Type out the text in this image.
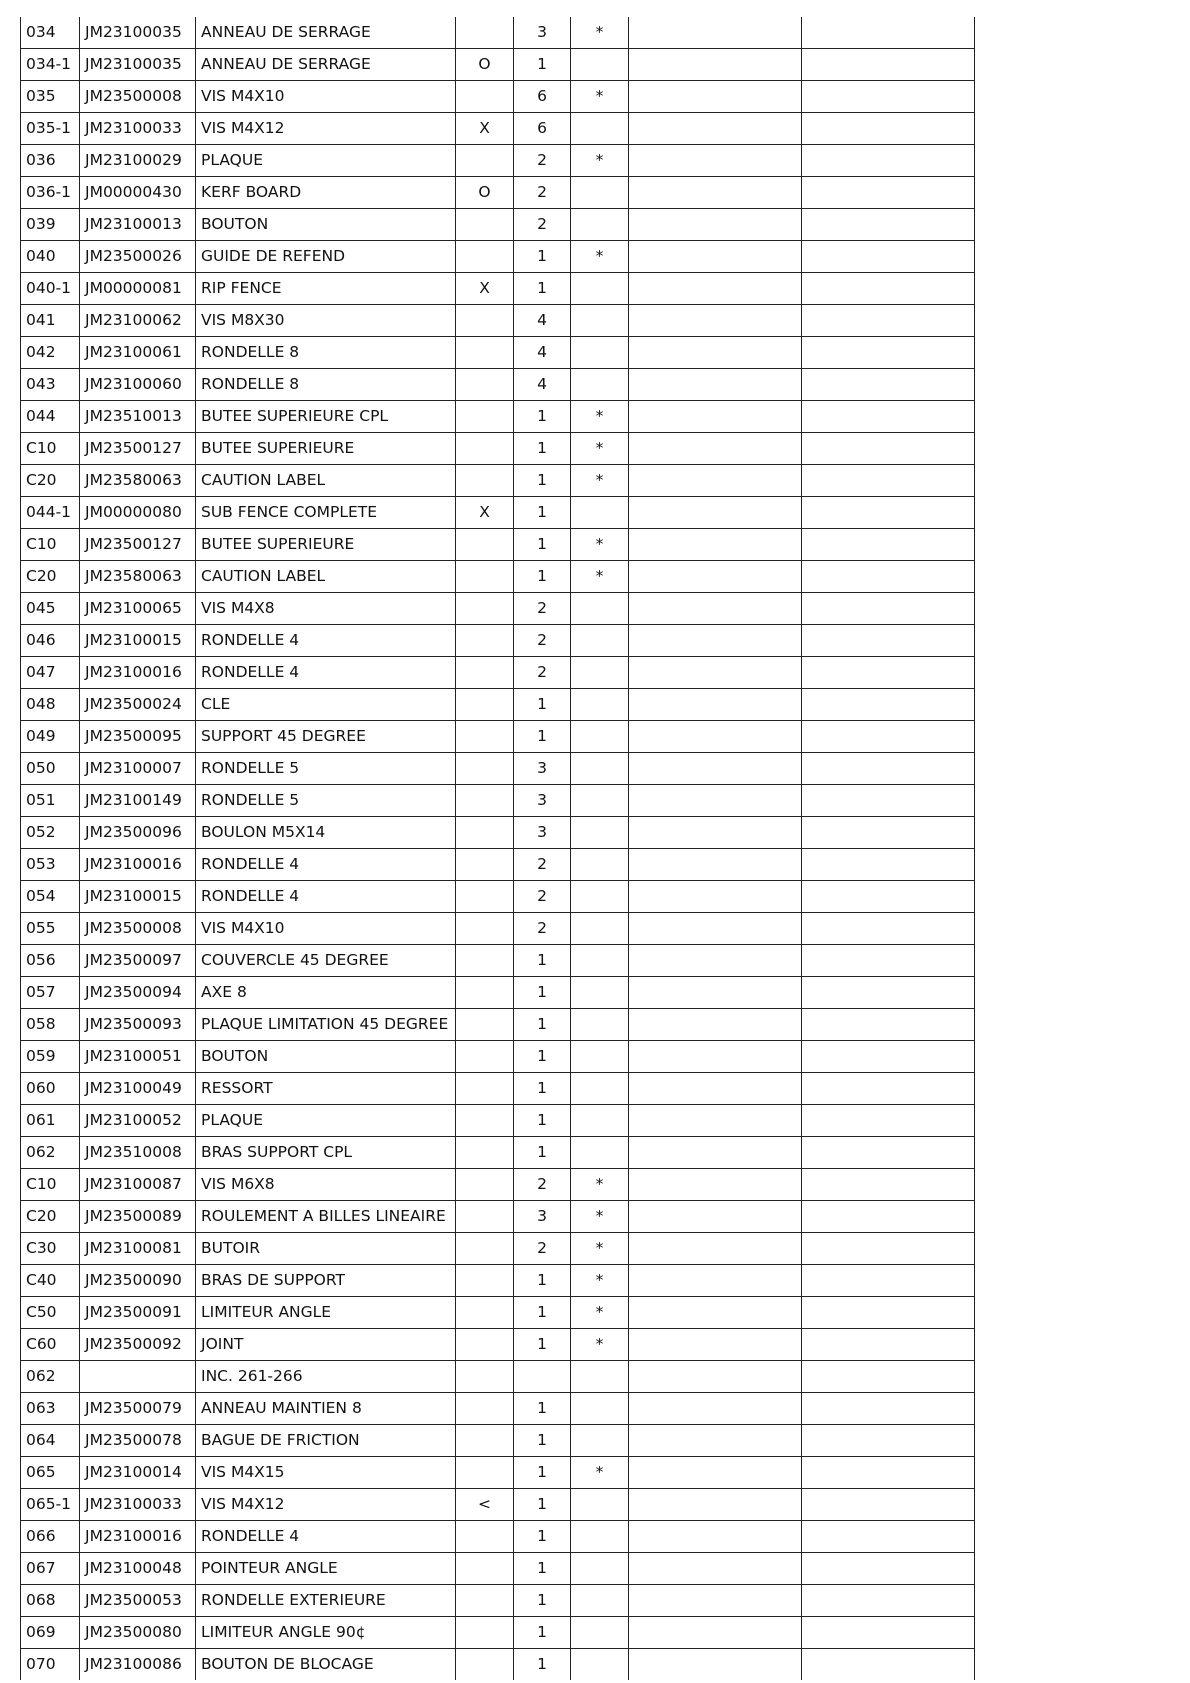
034	JM23100035	ANNEAU DE SERRAGE		3	*		
034-1	JM23100035	ANNEAU DE SERRAGE	O	1			
035	JM23500008	VIS M4X10		6	*		
035-1	JM23100033	VIS M4X12	X	6			
036	JM23100029	PLAQUE		2	*		
036-1	JM00000430	KERF BOARD	O	2			
039	JM23100013	BOUTON		2			
040	JM23500026	GUIDE DE REFEND		1	*		
040-1	JM00000081	RIP FENCE	X	1			
041	JM23100062	VIS M8X30		4			
042	JM23100061	RONDELLE 8		4			
043	JM23100060	RONDELLE 8		4			
044	JM23510013	BUTEE SUPERIEURE CPL		1	*		
C10	JM23500127	BUTEE SUPERIEURE		1	*		
C20	JM23580063	CAUTION LABEL		1	*		
044-1	JM00000080	SUB FENCE COMPLETE	X	1			
C10	JM23500127	BUTEE SUPERIEURE		1	*		
C20	JM23580063	CAUTION LABEL		1	*		
045	JM23100065	VIS M4X8		2			
046	JM23100015	RONDELLE 4		2			
047	JM23100016	RONDELLE 4		2			
048	JM23500024	CLE		1			
049	JM23500095	SUPPORT 45 DEGREE		1			
050	JM23100007	RONDELLE 5		3			
051	JM23100149	RONDELLE 5		3			
052	JM23500096	BOULON M5X14		3			
053	JM23100016	RONDELLE 4		2			
054	JM23100015	RONDELLE 4		2			
055	JM23500008	VIS M4X10		2			
056	JM23500097	COUVERCLE 45 DEGREE		1			
057	JM23500094	AXE 8		1			
058	JM23500093	PLAQUE LIMITATION 45 DEGREE		1			
059	JM23100051	BOUTON		1			
060	JM23100049	RESSORT		1			
061	JM23100052	PLAQUE		1			
062	JM23510008	BRAS SUPPORT CPL		1			
C10	JM23100087	VIS M6X8		2	*		
C20	JM23500089	ROULEMENT A BILLES LINEAIRE		3	*		
C30	JM23100081	BUTOIR		2	*		
C40	JM23500090	BRAS DE SUPPORT		1	*		
C50	JM23500091	LIMITEUR ANGLE		1	*		
C60	JM23500092	JOINT		1	*		
062		INC. 261-266					
063	JM23500079	ANNEAU MAINTIEN 8		1			
064	JM23500078	BAGUE DE FRICTION		1			
065	JM23100014	VIS M4X15		1	*		
065-1	JM23100033	VIS M4X12	<	1			
066	JM23100016	RONDELLE 4		1			
067	JM23100048	POINTEUR ANGLE		1			
068	JM23500053	RONDELLE EXTERIEURE		1			
069	JM23500080	LIMITEUR ANGLE 90¢		1			
070	JM23100086	BOUTON DE BLOCAGE		1			
